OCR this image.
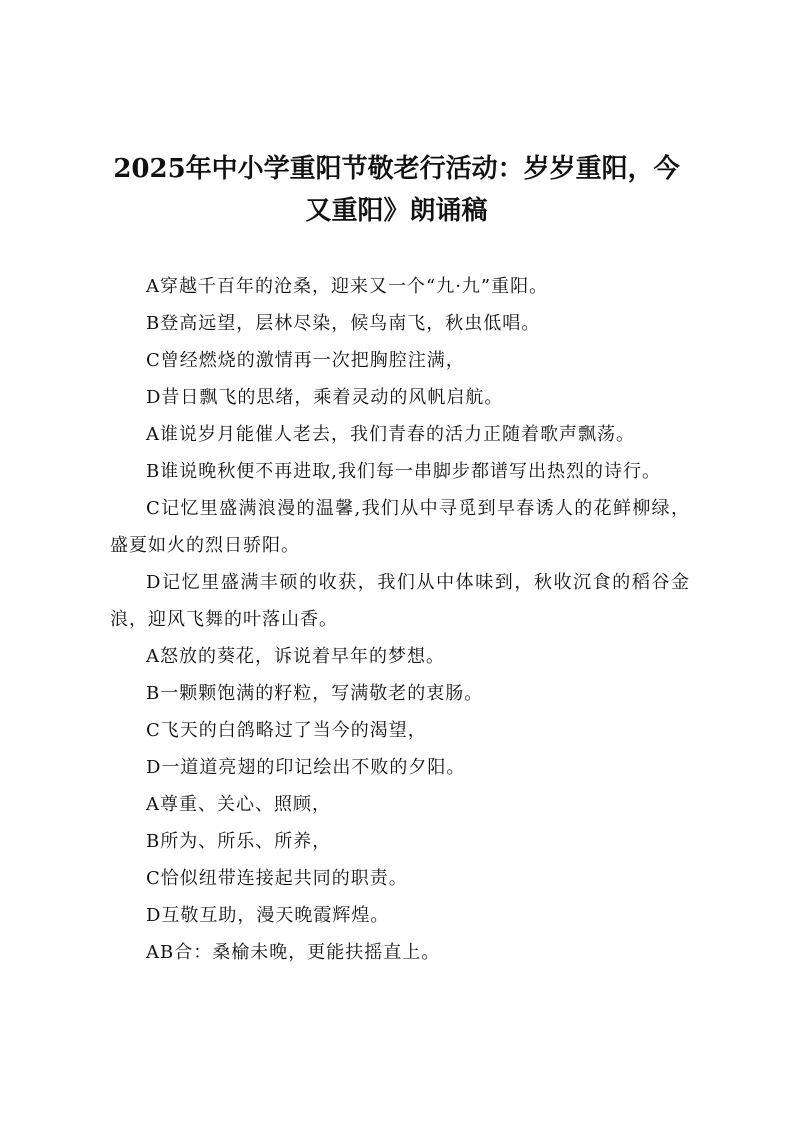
2025年中小学重阳节敬老行活动：岁岁重阳，今
又重阳》朗诵稿

A穿越千百年的沧桑，迎来又一个“九·九”重阳。

B登高远望，层林尽染，候鸟南飞，秋虫低唱。

C曾经燃烧的激情再一次把胸腔注满，

D昔日飘飞的思绪，乘着灵动的风帆启航。

A谁说岁月能催人老去，我们青春的活力正随着歌声飘荡。

B谁说晚秋便不再进取,我们每一串脚步都谱写出热烈的诗行。

C记忆里盛满浪漫的温馨,我们从中寻觅到早春诱人的花鲜柳绿，盛夏如火的烈日骄阳。

D记忆里盛满丰硕的收获，我们从中体味到，秋收沉食的稻谷金浪，迎风飞舞的叶落山香。

A怒放的葵花，诉说着早年的梦想。

B一颗颗饱满的籽粒，写满敬老的衷肠。

C飞天的白鸽略过了当今的渴望，

D一道道亮翅的印记绘出不败的夕阳。

A尊重、关心、照顾，

B所为、所乐、所养，

C恰似纽带连接起共同的职责。

D互敬互助，漫天晚霞辉煌。

AB合：桑榆未晚，更能扶摇直上。
